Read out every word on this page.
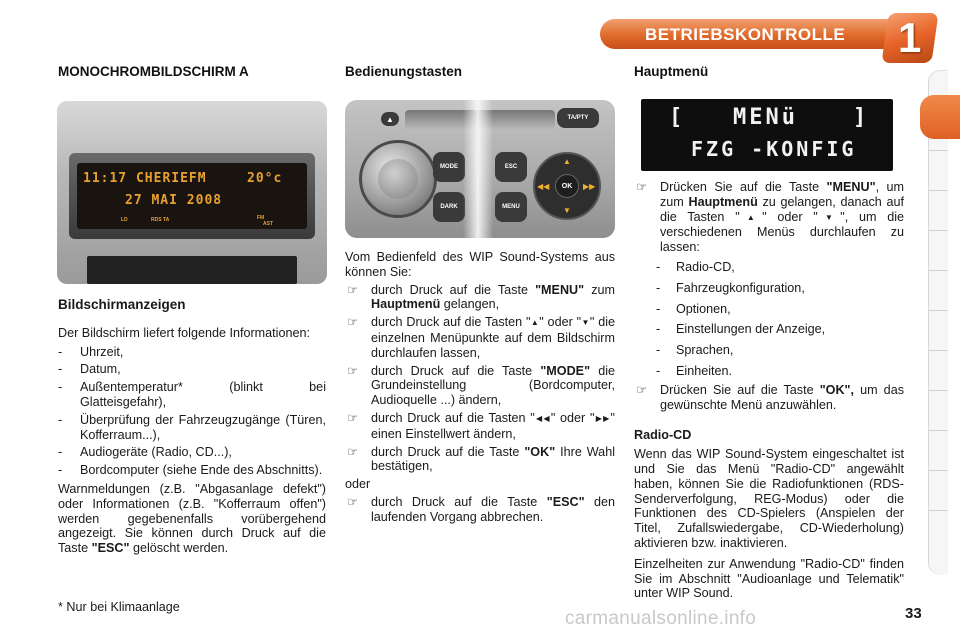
BETRIEBSKONTROLLE 1
MONOCHROMBILDSCHIRM A	Bedienungstasten	Hauptmenü
11:17 CHERIEFM	20°c
27 MAI 2008
LD	RDS TA	FM
AST
Bildschirmanzeigen
Der Bildschirm liefert folgende Informationen:
- Uhrzeit,
- Datum,
- Außentemperatur* (blinkt bei Glatteisgefahr),
- Überprüfung der Fahrzeugzugänge (Türen, Kofferraum...),
- Audiogeräte (Radio, CD...),
- Bordcomputer (siehe Ende des Abschnitts).
Warnmeldungen (z.B. "Abgasanlage defekt") oder Informationen (z.B. "Kofferraum offen") werden gegebenenfalls vorübergehend angezeigt. Sie können durch Druck auf die Taste "ESC" gelöscht werden.
* Nur bei Klimaanlage
▲	TA/PTY
MODE
DARK
ESC
MENU
OK
▲
▼
◀◀	▶▶
Vom Bedienfeld des WIP Sound-Systems aus können Sie:
☞ durch Druck auf die Taste "MENU" zum Hauptmenü gelangen,
☞ durch Druck auf die Tasten "▲" oder "▼" die einzelnen Menüpunkte auf dem Bildschirm durchlaufen lassen,
☞ durch Druck auf die Taste "MODE" die Grundeinstellung (Bordcomputer, Audioquelle ...) ändern,
☞ durch Druck auf die Tasten "◀◀" oder "▶▶" einen Einstellwert ändern,
☞ durch Druck auf die Taste "OK" Ihre Wahl bestätigen,
oder
☞ durch Druck auf die Taste "ESC" den laufenden Vorgang abbrechen.
[ MENü	]
FZG -KONFIG
☞ Drücken Sie auf die Taste "MENU", um zum Hauptmenü zu gelangen, danach auf die Tasten "▲" oder "▼", um die verschiedenen Menüs durchlaufen zu lassen:
- Radio-CD,
- Fahrzeugkonfiguration,
- Optionen,
- Einstellungen der Anzeige,
- Sprachen,
- Einheiten.
☞ Drücken Sie auf die Taste "OK", um das gewünschte Menü anzuwählen.
Radio-CD
Wenn das WIP Sound-System eingeschaltet ist und Sie das Menü "Radio-CD" angewählt haben, können Sie die Radiofunktionen (RDS-Senderverfolgung, REG-Modus) oder die Funktionen des CD-Spielers (Anspielen der Titel, Zufallswiedergabe, CD-Wiederholung) aktivieren bzw. inaktivieren.
Einzelheiten zur Anwendung "Radio-CD" finden Sie im Abschnitt "Audioanlage und Telematik" unter WIP Sound.
carmanualsonline.info	33
